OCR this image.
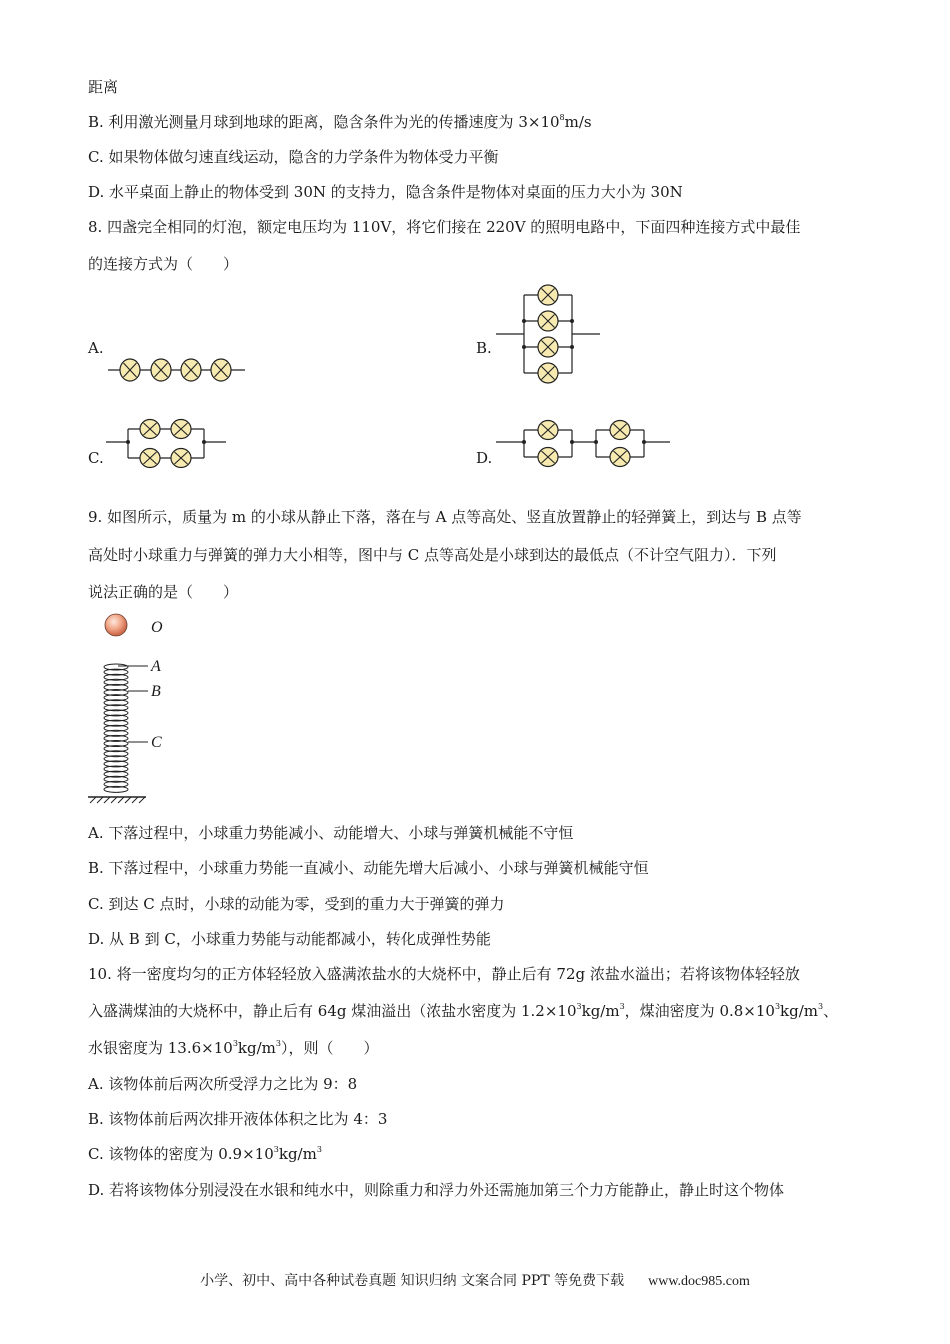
距离
B. 利用激光测量月球到地球的距离，隐含条件为光的传播速度为 $3\times 10^8m/s$
C. 如果物体做匀速直线运动，隐含的力学条件为物体受力平衡
D. 水平桌面上静止的物体受到 30N 的支持力，隐含条件是物体对桌面的压力大小为 30N
8. 四盏完全相同的灯泡，额定电压均为 110V，将它们接在 220V 的照明电路中，下面四种连接方式中最佳
的连接方式为（　　）
A.	B.
C.	D.
9. 如图所示，质量为 m 的小球从静止下落，落在与 A 点等高处、竖直放置静止的轻弹簧上，到达与 B 点等
高处时小球重力与弹簧的弹力大小相等，图中与 C 点等高处是小球到达的最低点（不计空气阻力）．下列
说法正确的是（　　）
O
A
B
C
A. 下落过程中，小球重力势能减小、动能增大、小球与弹簧机械能不守恒
B. 下落过程中，小球重力势能一直减小、动能先增大后减小、小球与弹簧机械能守恒
C. 到达 C 点时，小球的动能为零，受到的重力大于弹簧的弹力
D. 从 B 到 C，小球重力势能与动能都减小，转化成弹性势能
10. 将一密度均匀的正方体轻轻放入盛满浓盐水的大烧杯中，静止后有 72g 浓盐水溢出；若将该物体轻轻放
入盛满煤油的大烧杯中，静止后有 64g 煤油溢出（浓盐水密度为 $1.2\times 10^3kg/m^3$，煤油密度为 $0.8\times 10^3kg/m^3$、
水银密度为 $13.6\times 10^3kg/m^3$），则（　　）
A. 该物体前后两次所受浮力之比为 9：8
B. 该物体前后两次排开液体体积之比为 4：3
C. 该物体的密度为 $0.9\times 10^3kg/m^3$
D. 若将该物体分别浸没在水银和纯水中，则除重力和浮力外还需施加第三个力方能静止，静止时这个物体
小学、初中、高中各种试卷真题 知识归纳 文案合同 PPT 等免费下载 www.doc985.com
